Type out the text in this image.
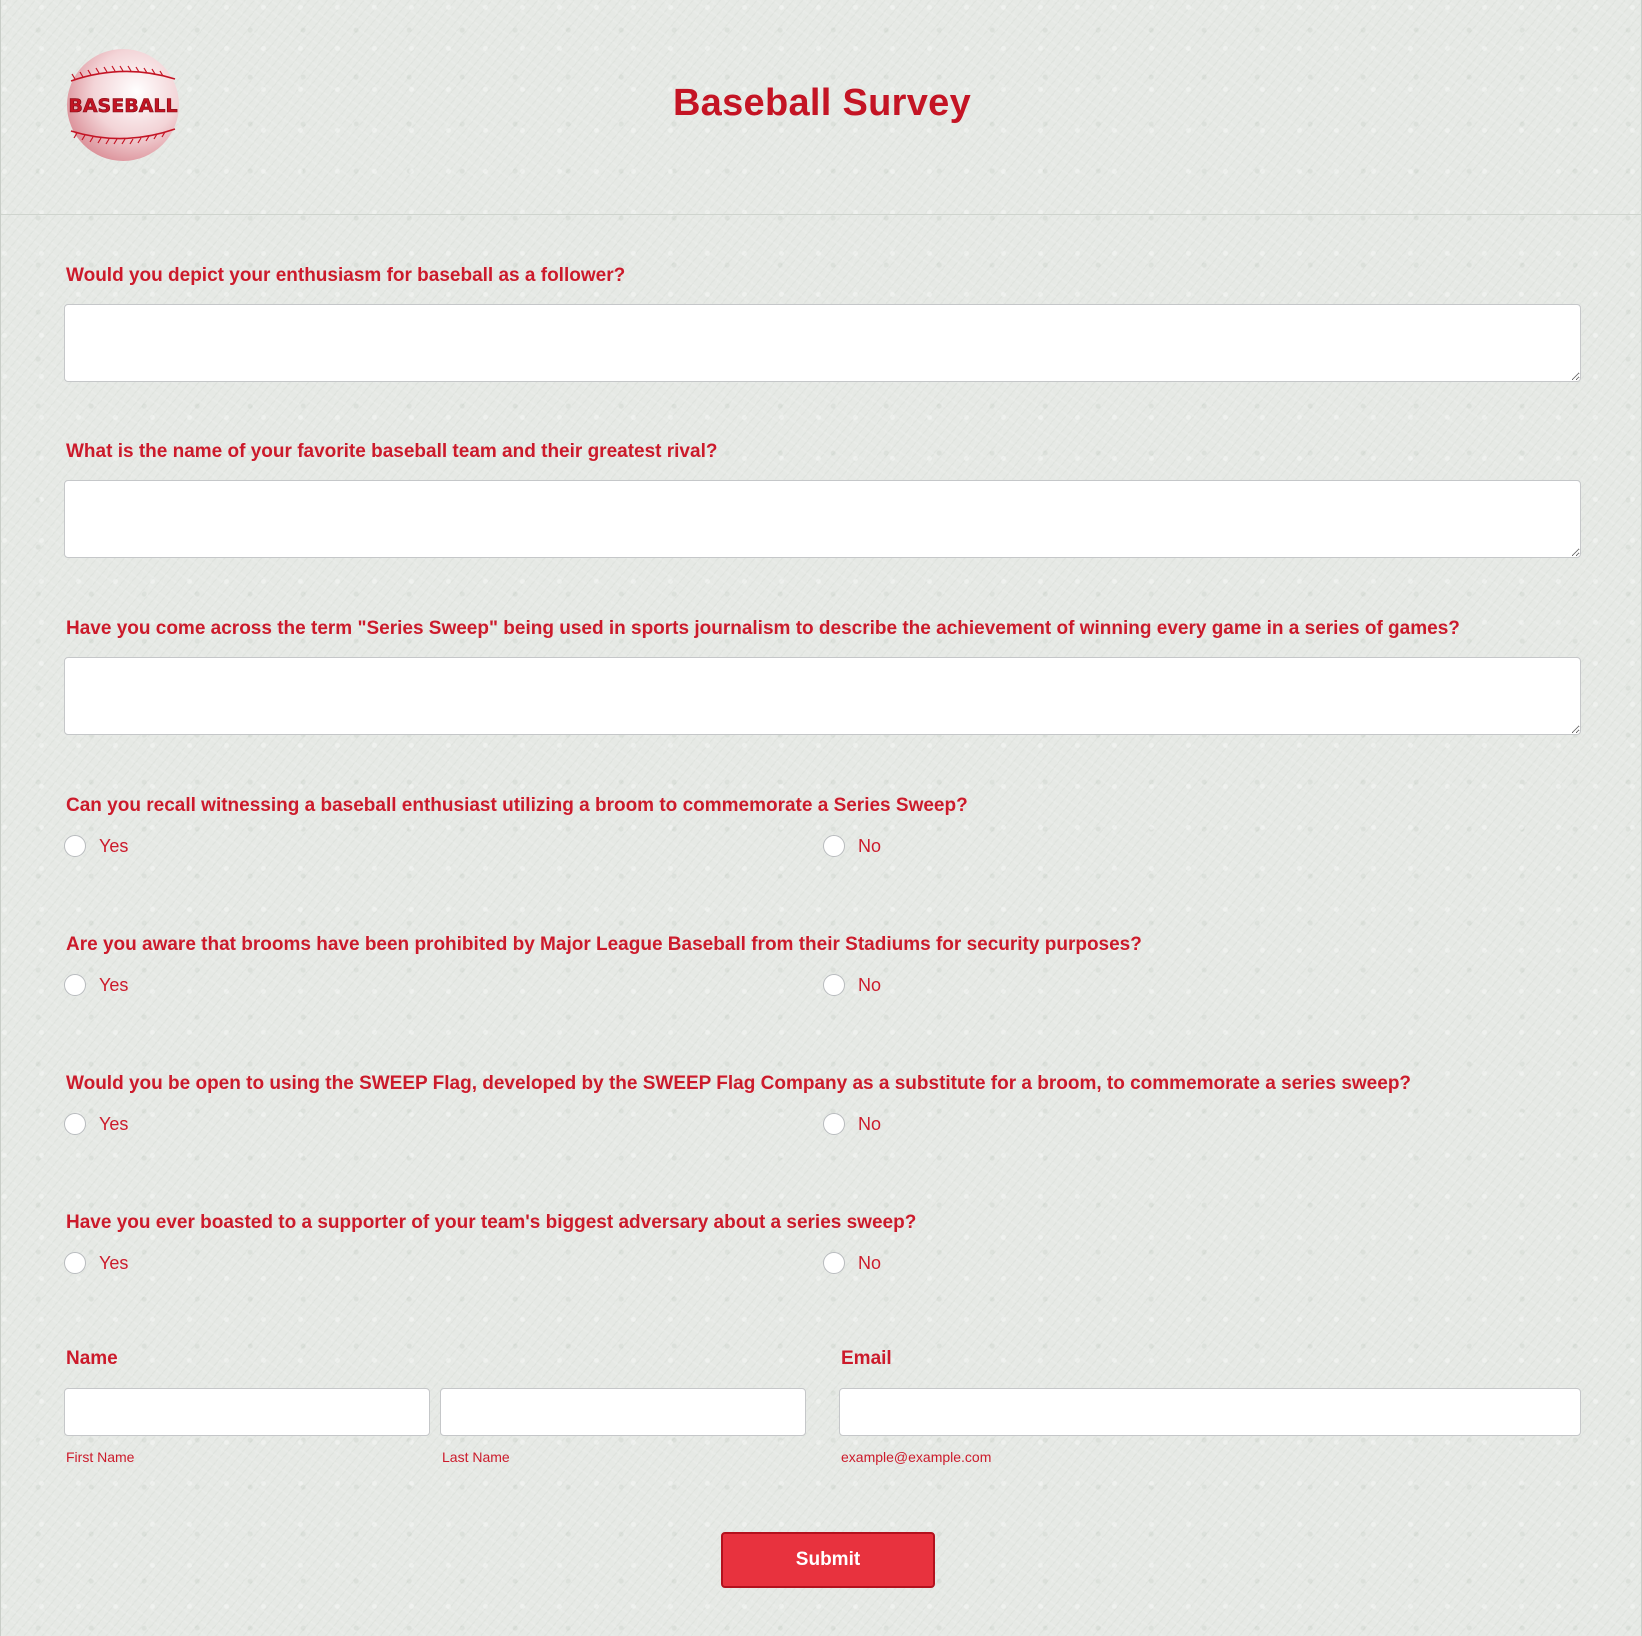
BASEBALL	Baseball Survey
Would you depict your enthusiasm for baseball as a follower?
What is the name of your favorite baseball team and their greatest rival?
Have you come across the term "Series Sweep" being used in sports journalism to describe the achievement of winning every game in a series of games?
Can you recall witnessing a baseball enthusiast utilizing a broom to commemorate a Series Sweep?
Yes	No
Are you aware that brooms have been prohibited by Major League Baseball from their Stadiums for security purposes?
Yes	No
Would you be open to using the SWEEP Flag, developed by the SWEEP Flag Company as a substitute for a broom, to commemorate a series sweep?
Yes	No
Have you ever boasted to a supporter of your team's biggest adversary about a series sweep?
Yes	No
Name	Email
First Name	Last Name	example@example.com
Submit
